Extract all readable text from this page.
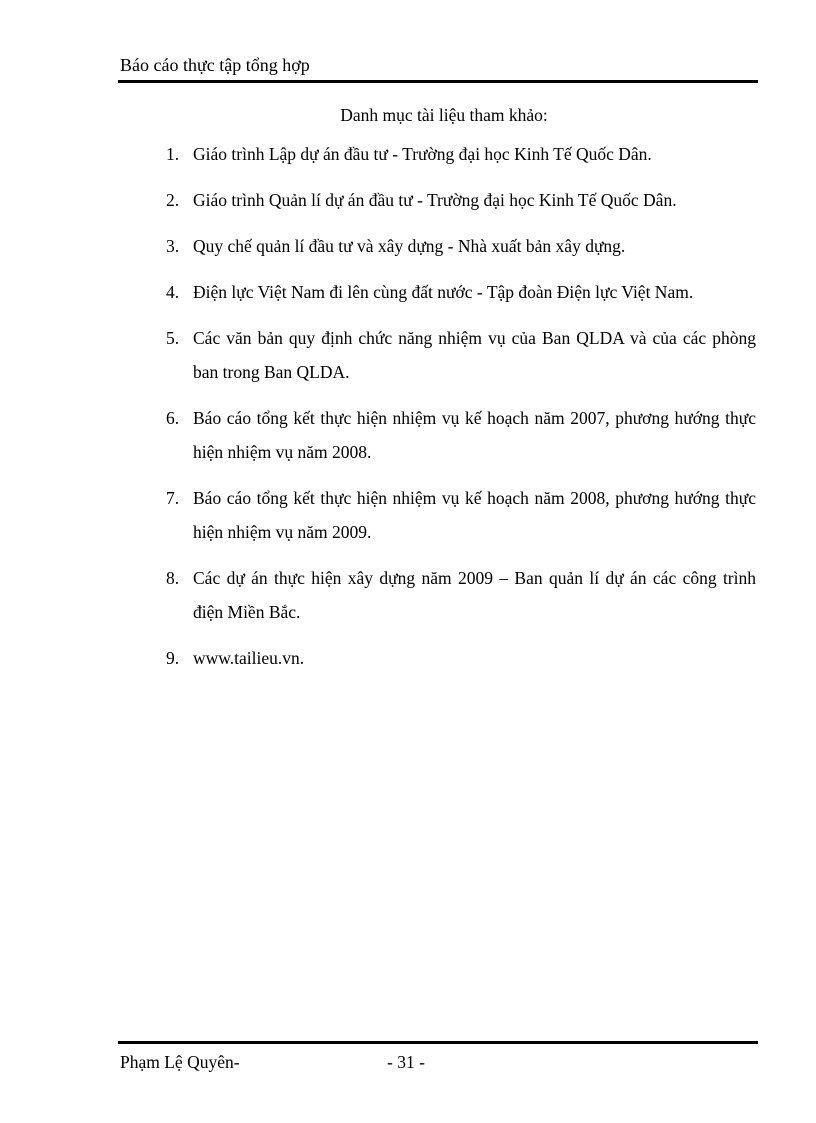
Báo cáo thực tập tổng hợp
Danh mục tài liệu tham khảo:
1. Giáo trình Lập dự án đầu tư - Trường đại học Kinh Tế Quốc Dân.
2. Giáo trình Quản lí dự án đầu tư - Trường đại học Kinh Tế Quốc Dân.
3. Quy chế quản lí đầu tư và xây dựng - Nhà xuất bản xây dựng.
4. Điện lực Việt Nam đi lên cùng đất nước - Tập đoàn Điện lực Việt Nam.
5. Các văn bản quy định chức năng nhiệm vụ của Ban QLDA và của các phòng ban trong Ban QLDA.
6. Báo cáo tổng kết thực hiện nhiệm vụ kế hoạch năm 2007, phương hướng thực hiện nhiệm vụ năm 2008.
7. Báo cáo tổng kết thực hiện nhiệm vụ kế hoạch năm 2008, phương hướng thực hiện nhiệm vụ năm 2009.
8. Các dự án thực hiện xây dựng năm 2009 – Ban quản lí dự án các công trình điện Miền Bắc.
9. www.tailieu.vn.
Phạm Lệ Quyên-	- 31 -
